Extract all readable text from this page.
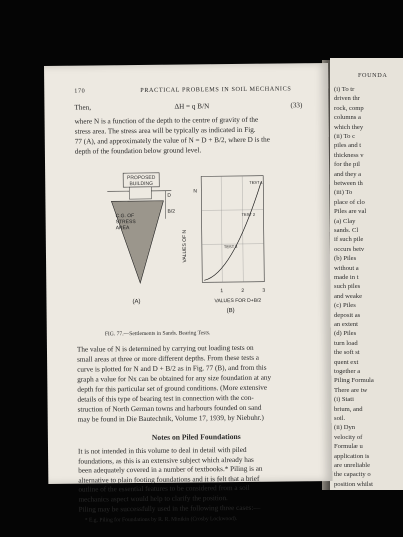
FOUNDA
(i) To tr
driven thr
rock, comp
columns a
which they
(ii) To c
piles and t
thickness v
for the pil
and they a
between th
(iii) To
place of clo
Piles are val
(a) Clay
sands. Cl
if such pile
occurs betv
(b) Piles
without a
made in t
such piles
and weake
(c) Piles
deposit as
an extent
(d) Piles
turn load
the soft st
quent ext
together a
Piling Formula
There are tw
(i) Stati
brium, and
soil.
(ii) Dyn
velocity of
Formulæ u
application is
are unreliable
the capacity o
position whilst
170	PRACTICAL PROBLEMS IN SOIL MECHANICS
Then,	ΔH = q B/N	(33)
where N is a function of the depth to the centre of gravity of the
stress area. The stress area will be typically as indicated in Fig.
77 (A), and approximately the value of N = D + B/2, where D is the
depth of the foundation below ground level.
PROPOSED
BUILDING
C.G. OF
STRESS
AREA
D
B/2
(A)
TEST 1
TEST 2
TEST 3
N
VALUES OF N
1	2	3
VALUES FOR D+B/2
(B)
FIG. 77.—Settlements in Sands. Bearing Tests.
The value of N is determined by carrying out loading tests on
small areas at three or more different depths. From these tests a
curve is plotted for N and D + B/2 as in Fig. 77 (B), and from this
graph a value for Nx can be obtained for any size foundation at any
depth for this particular set of ground conditions. (More extensive
details of this type of bearing test in connection with the con-
struction of North German towns and harbours founded on sand
may be found in Die Bautechnik, Volume 17, 1939, by Niebuhr.)
Notes on Piled Foundations
It is not intended in this volume to deal in detail with piled
foundations, as this is an extensive subject which already has
been adequately covered in a number of textbooks.* Piling is an
alternative to plain footing foundations and it is felt that a brief
outline of the essential features to be considered from a soil
mechanics aspect would help to clarify the position.
Piling may be successfully used in the following three cases:—
* E.g. Piling for Foundations by R. R. Minikin (Crosby Lockwood).
